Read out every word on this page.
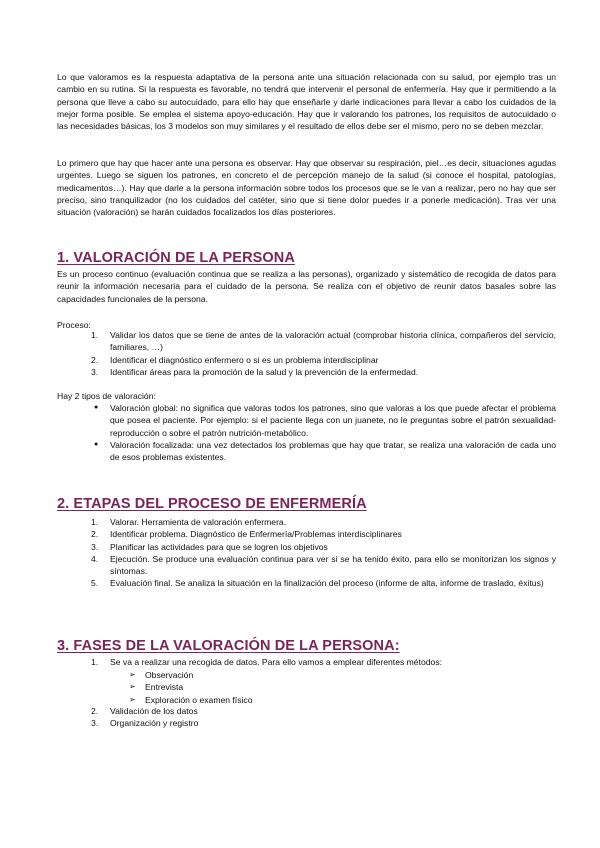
Lo que valoramos es la respuesta adaptativa de la persona ante una situación relacionada con su salud, por ejemplo tras un cambio en su rutina. Si la respuesta es favorable, no tendrá que intervenir el personal de enfermería. Hay que ir permitiendo a la persona que lleve a cabo su autocuidado, para ello hay que enseñarle y darle indicaciones para llevar a cabo los cuidados de la mejor forma posible. Se emplea el sistema apoyo-educación. Hay que ir valorando los patrones, los requisitos de autocuidado o las necesidades básicas, los 3 modelos son muy similares y el resultado de ellos debe ser el mismo, pero no se deben mezclar.

Lo primero que hay que hacer ante una persona es observar. Hay que observar su respiración, piel…es decir, situaciones agudas urgentes. Luego se siguen los patrones, en concreto el de percepción manejo de la salud (si conoce el hospital, patologías, medicamentos…). Hay que darle a la persona información sobre todos los procesos que se le van a realizar, pero no hay que ser preciso, sino tranquilizador (no los cuidados del catéter, sino que si tiene dolor puedes ir a ponerle medicación). Tras ver una situación (valoración) se harán cuidados focalizados los días posteriores.

1. VALORACIÓN DE LA PERSONA

Es un proceso continuo (evaluación continua que se realiza a las personas), organizado y sistemático de recogida de datos para reunir la información necesaria para el cuidado de la persona. Se realiza con el objetivo de reunir datos basales sobre las capacidades funcionales de la persona.

Proceso:

1. Validar los datos que se tiene de antes de la valoración actual (comprobar historia clínica, compañeros del servicio, familiares, …)
2. Identificar el diagnóstico enfermero o si es un problema interdisciplinar
3. Identificar áreas para la promoción de la salud y la prevención de la enfermedad.

Hay 2 tipos de valoración:

● Valoración global: no significa que valoras todos los patrones, sino que valoras a los que puede afectar el problema que posea el paciente. Por ejemplo: si el paciente llega con un juanete, no le preguntas sobre el patrón sexualidad-reproducción o sobre el patrón nutrición-metabólico.
● Valoración focalizada: una vez detectados los problemas que hay que tratar, se realiza una valoración de cada uno de esos problemas existentes.
2. ETAPAS DEL PROCESO DE ENFERMERÍA
1. Valorar. Herramienta de valoración enfermera.
2. Identificar problema. Diagnóstico de Enfermería/Problemas interdisciplinares
3. Planificar las actividades para que se logren los objetivos
4. Ejecución. Se produce una evaluación continua para ver si se ha tenido éxito, para ello se monitorizan los signos y síntomas.
5. Evaluación final. Se analiza la situación en la finalización del proceso (informe de alta, informe de traslado, éxitus)
3. FASES DE LA VALORACIÓN DE LA PERSONA:
1. Se va a realizar una recogida de datos. Para ello vamos a emplear diferentes métodos:
➢ Observación
➢ Entrevista
➢ Exploración o examen físico
2. Validación de los datos
3. Organización y registro
